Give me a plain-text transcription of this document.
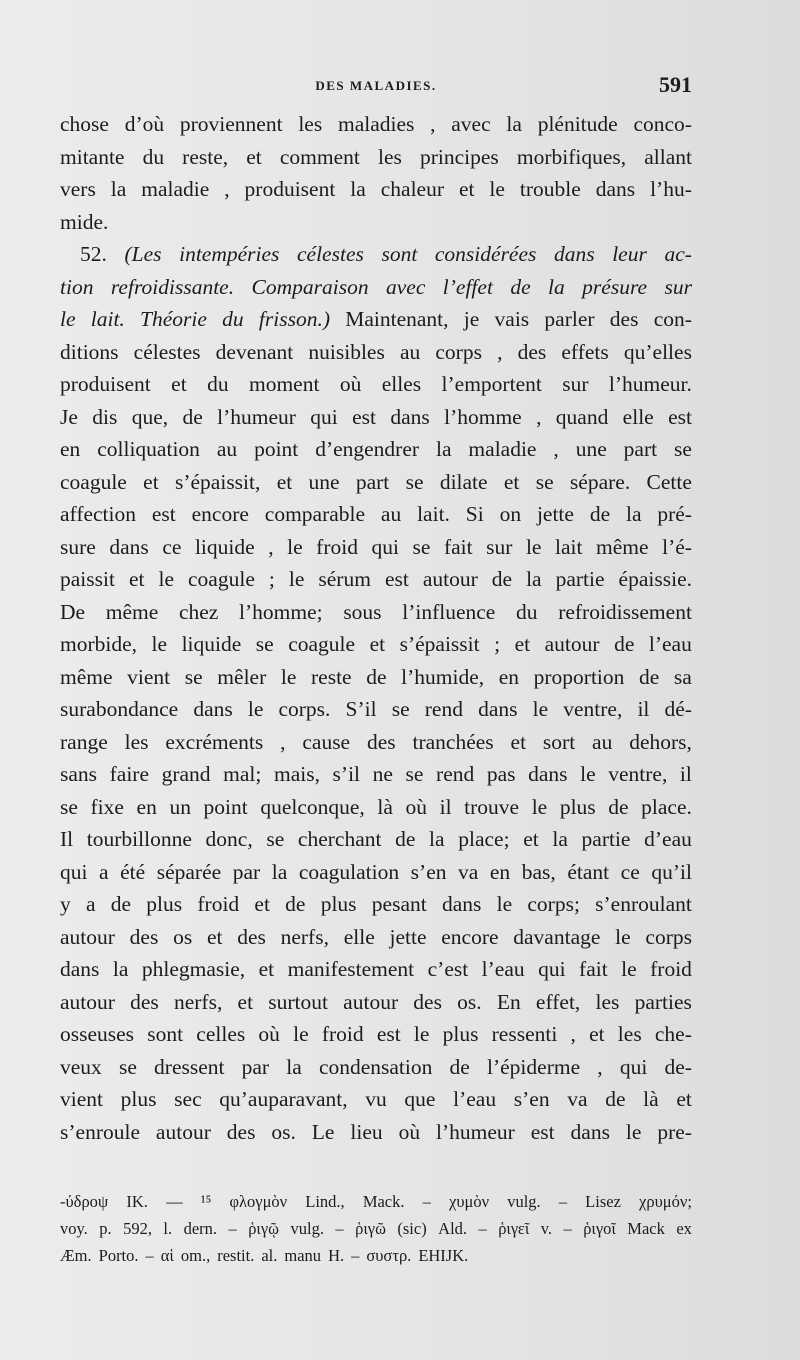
DES MALADIES.	591
chose d’où proviennent les maladies , avec la plénitude conco-
mitante du reste, et comment les principes morbifiques, allant
vers la maladie , produisent la chaleur et le trouble dans l’hu-
mide.
52. (Les intempéries célestes sont considérées dans leur ac-
tion refroidissante. Comparaison avec l’effet de la présure sur
le lait. Théorie du frisson.) Maintenant, je vais parler des con-
ditions célestes devenant nuisibles au corps , des effets qu’elles
produisent et du moment où elles l’emportent sur l’humeur.
Je dis que, de l’humeur qui est dans l’homme , quand elle est
en colliquation au point d’engendrer la maladie , une part se
coagule et s’épaissit, et une part se dilate et se sépare. Cette
affection est encore comparable au lait. Si on jette de la pré-
sure dans ce liquide , le froid qui se fait sur le lait même l’é-
paissit et le coagule ; le sérum est autour de la partie épaissie.
De même chez l’homme; sous l’influence du refroidissement
morbide, le liquide se coagule et s’épaissit ; et autour de l’eau
même vient se mêler le reste de l’humide, en proportion de sa
surabondance dans le corps. S’il se rend dans le ventre, il dé-
range les excréments , cause des tranchées et sort au dehors,
sans faire grand mal; mais, s’il ne se rend pas dans le ventre, il
se fixe en un point quelconque, là où il trouve le plus de place.
Il tourbillonne donc, se cherchant de la place; et la partie d’eau
qui a été séparée par la coagulation s’en va en bas, étant ce qu’il
y a de plus froid et de plus pesant dans le corps; s’enroulant
autour des os et des nerfs, elle jette encore davantage le corps
dans la phlegmasie, et manifestement c’est l’eau qui fait le froid
autour des nerfs, et surtout autour des os. En effet, les parties
osseuses sont celles où le froid est le plus ressenti , et les che-
veux se dressent par la condensation de l’épiderme , qui de-
vient plus sec qu’auparavant, vu que l’eau s’en va de là et
s’enroule autour des os. Le lieu où l’humeur est dans le pre-
-ύδροψ IK. — ¹⁵ φλογμὸν Lind., Mack. – χυμὸν vulg. – Lisez χρυμόν;
voy. p. 592, l. dern. – ῥιγῷ vulg. – ῥιγῶ (sic) Ald. – ῥιγεῖ v. – ῥιγοῖ Mack ex
Æm. Porto. – αἱ om., restit. al. manu H. – συστρ. EHIJK.
